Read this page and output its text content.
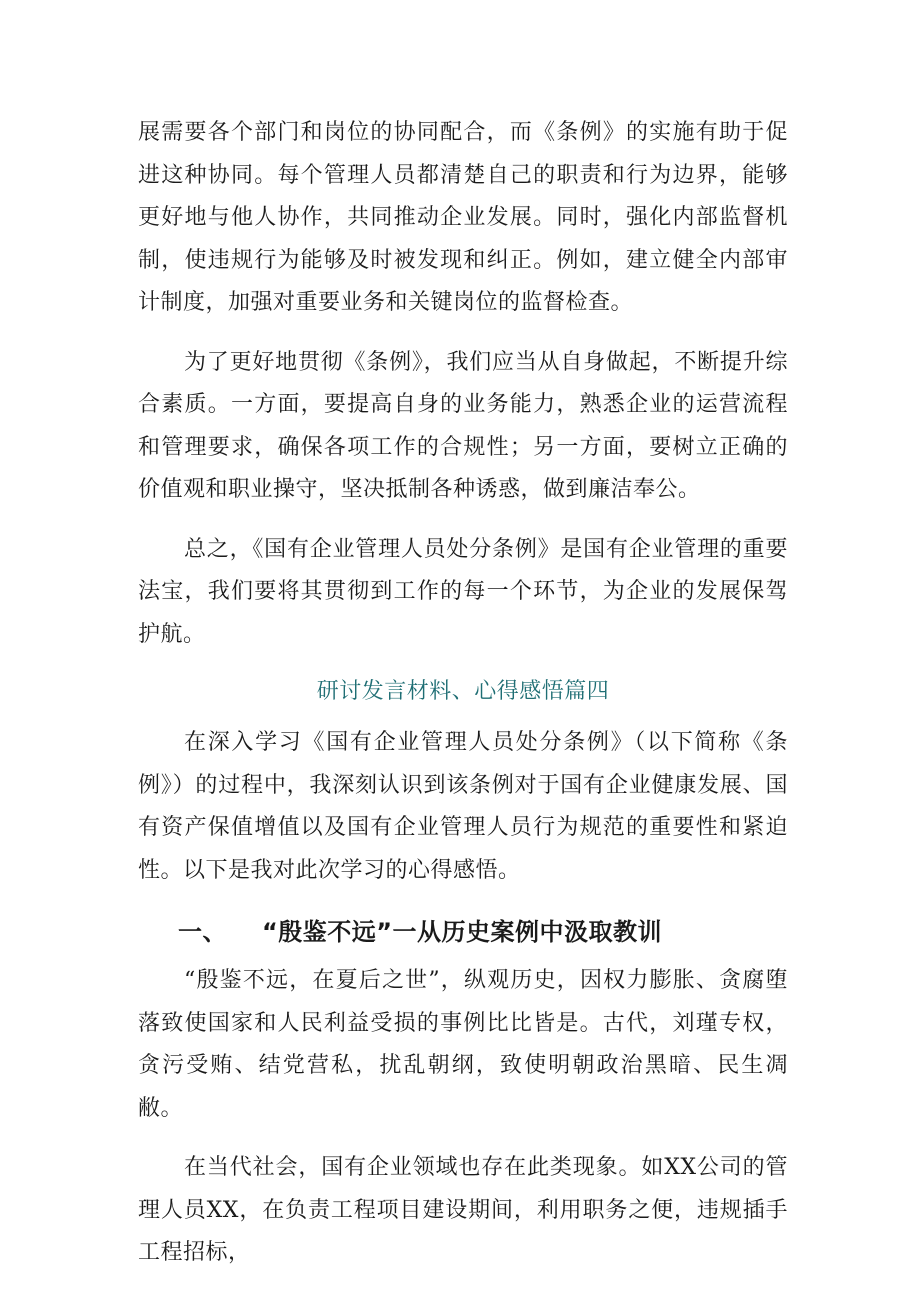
展需要各个部门和岗位的协同配合，而《条例》的实施有助于促进这种协同。每个管理人员都清楚自己的职责和行为边界，能够更好地与他人协作，共同推动企业发展。同时，强化内部监督机制，使违规行为能够及时被发现和纠正。例如，建立健全内部审计制度，加强对重要业务和关键岗位的监督检查。

为了更好地贯彻《条例》，我们应当从自身做起，不断提升综合素质。一方面，要提高自身的业务能力，熟悉企业的运营流程和管理要求，确保各项工作的合规性；另一方面，要树立正确的价值观和职业操守，坚决抵制各种诱惑，做到廉洁奉公。

总之，《国有企业管理人员处分条例》是国有企业管理的重要法宝，我们要将其贯彻到工作的每一个环节，为企业的发展保驾护航。

研讨发言材料、心得感悟篇四

在深入学习《国有企业管理人员处分条例》（以下简称《条例》）的过程中，我深刻认识到该条例对于国有企业健康发展、国有资产保值增值以及国有企业管理人员行为规范的重要性和紧迫性。以下是我对此次学习的心得感悟。

一、 “殷鉴不远”一从历史案例中汲取教训

“殷鉴不远，在夏后之世”，纵观历史，因权力膨胀、贪腐堕落致使国家和人民利益受损的事例比比皆是。古代，刘瑾专权，贪污受贿、结党营私，扰乱朝纲，致使明朝政治黑暗、民生凋敝。

在当代社会，国有企业领域也存在此类现象。如XX公司的管理人员XX，在负责工程项目建设期间，利用职务之便，违规插手工程招标，
